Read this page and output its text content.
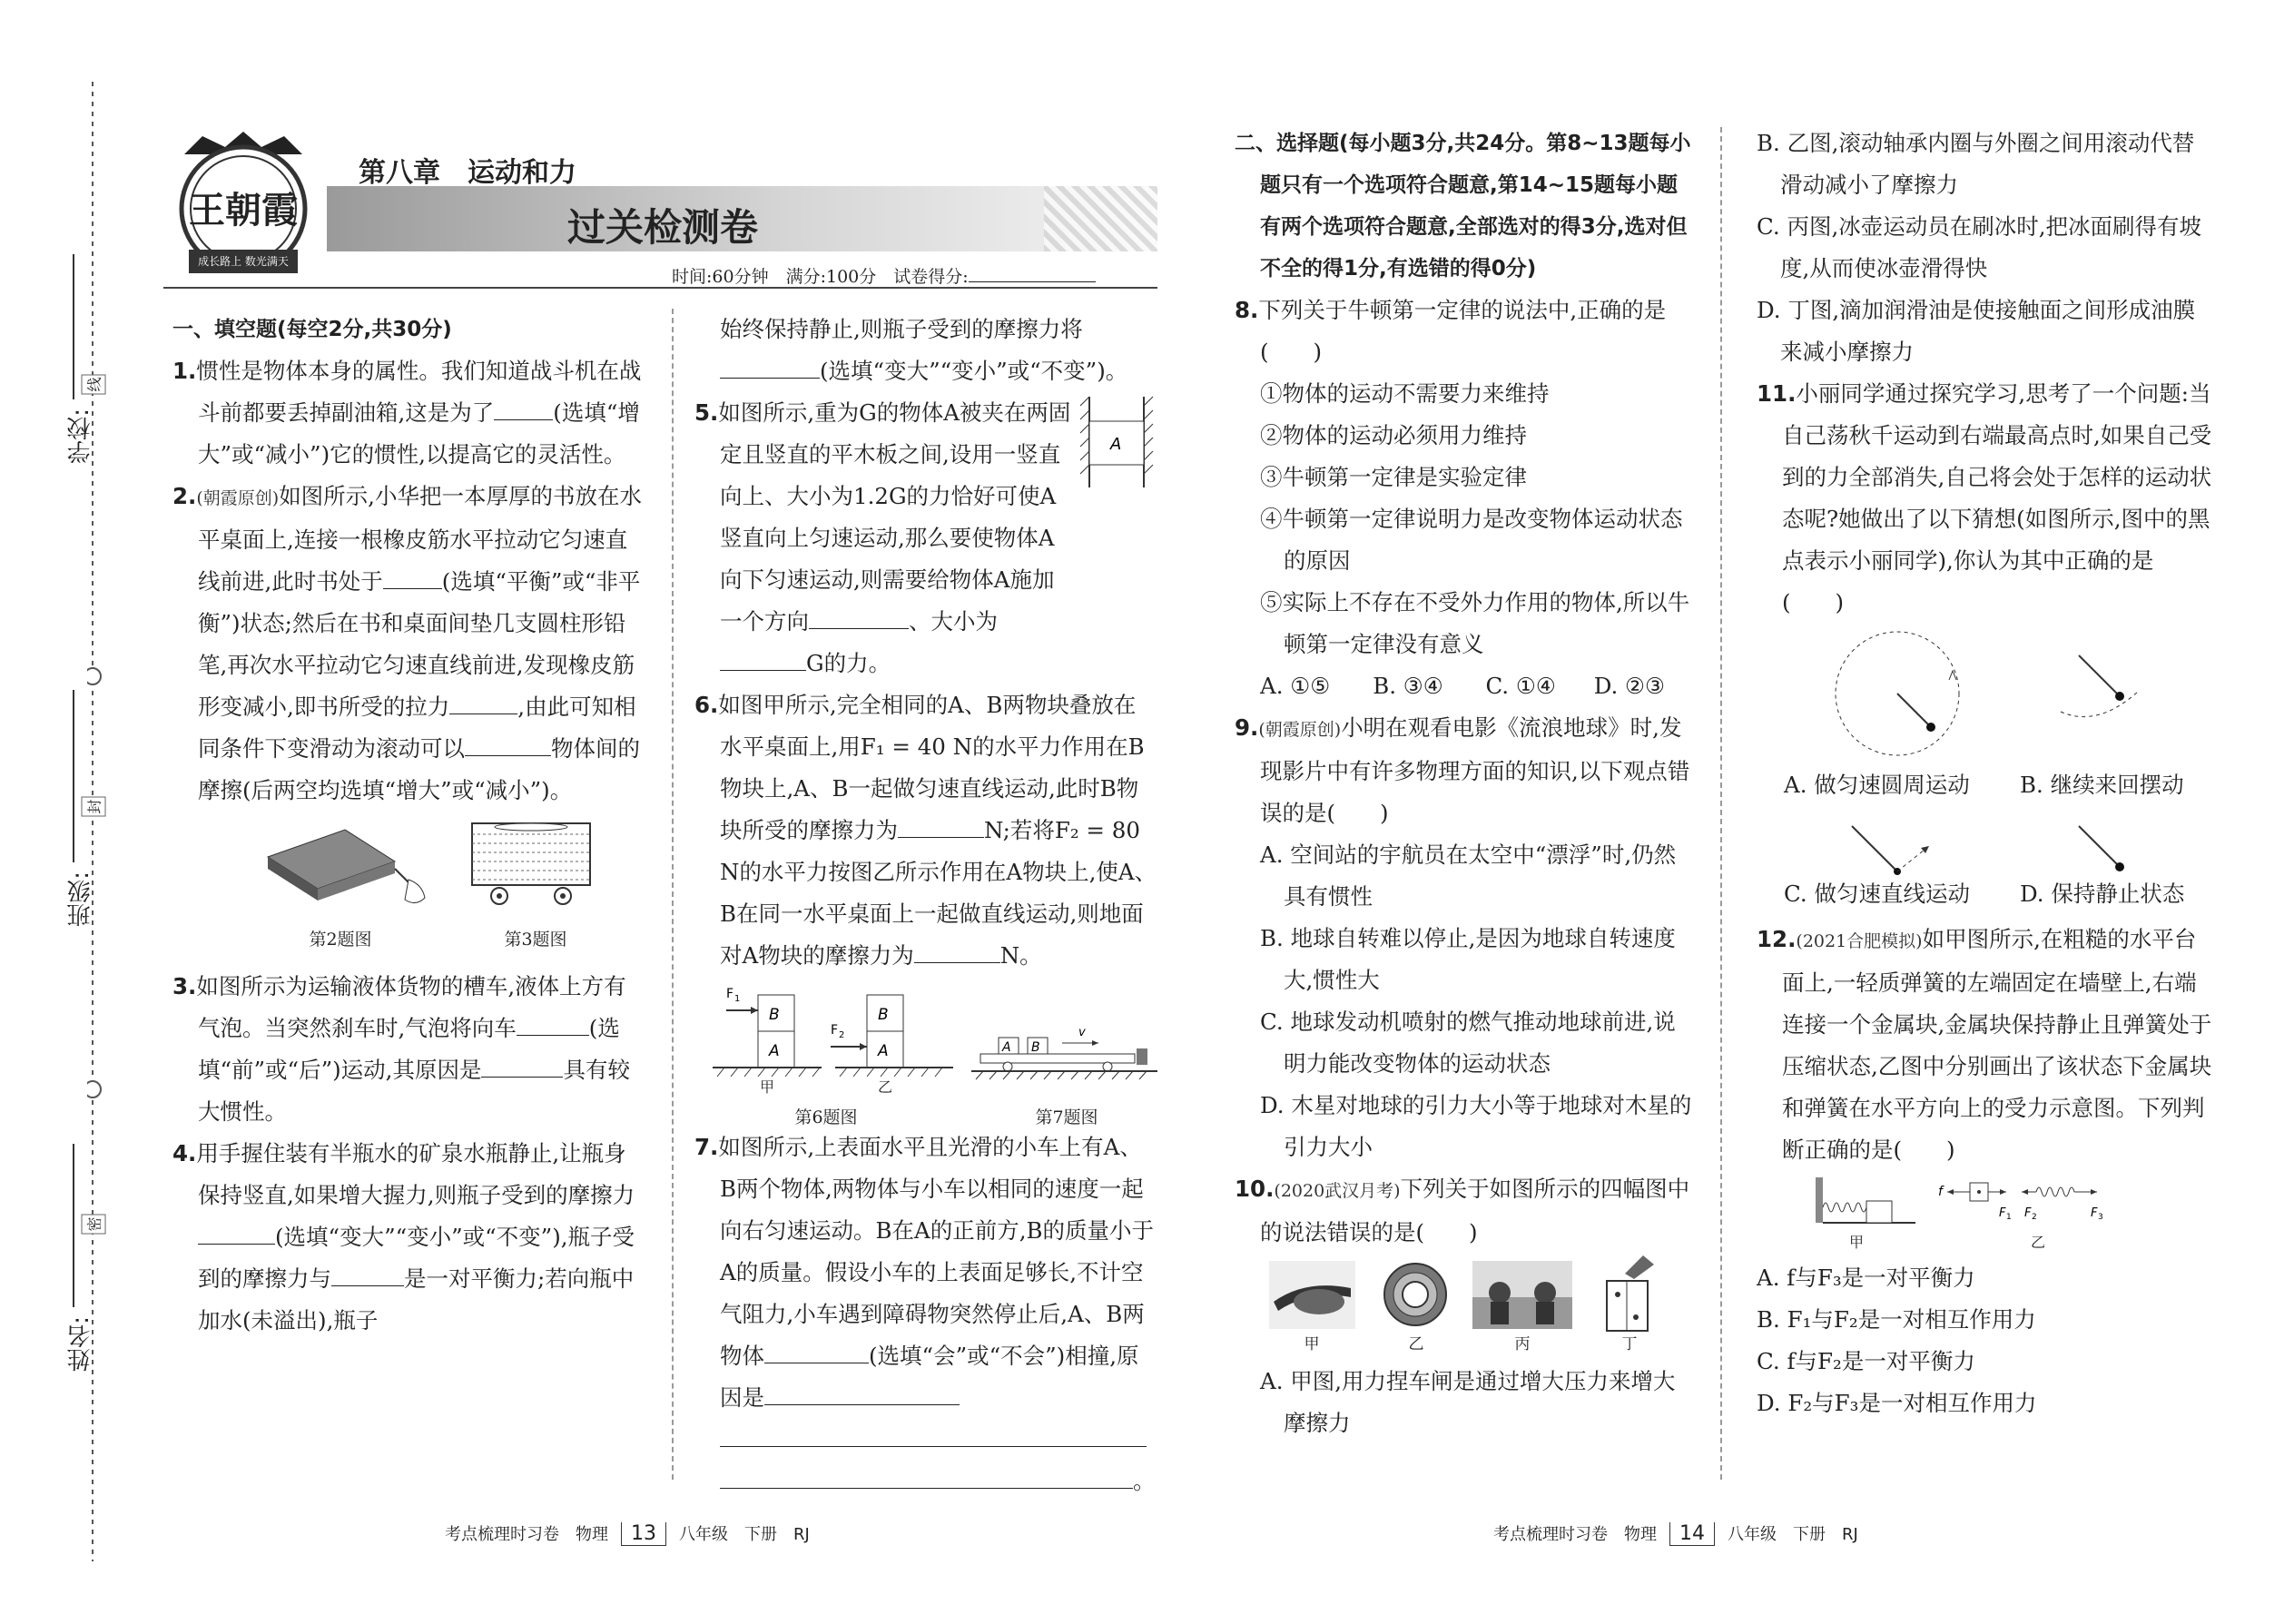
线
封
密
学校:
班级:
姓名:
王朝霞
成长路上 数光满天
第八章　运动和力
过关检测卷
时间:60分钟　满分:100分　试卷得分:

一、填空题(每空2分,共30分)

1.惯性是物体本身的属性。我们知道战斗机在战斗前都要丢掉副油箱,这是为了	(选填“增大”或“减小”)它的惯性,以提高它的灵活性。

2.(朝霞原创)如图所示,小华把一本厚厚的书放在水平桌面上,连接一根橡皮筋水平拉动它匀速直线前进,此时书处于	(选填“平衡”或“非平衡”)状态;然后在书和桌面间垫几支圆柱形铅笔,再次水平拉动它匀速直线前进,发现橡皮筋形变减小,即书所受的拉力	,由此可知相同条件下变滑动为滚动可以	物体间的摩擦(后两空均选填“增大”或“减小”)。

第2题图	第3题图

3.如图所示为运输液体货物的槽车,液体上方有气泡。当突然刹车时,气泡将向车	(选填“前”或“后”)运动,其原因是	具有较大惯性。

4.用手握住装有半瓶水的矿泉水瓶静止,让瓶身保持竖直,如果增大握力,则瓶子受到的摩擦力(选填“变大”“变小”或“不变”),瓶子受到的摩擦力与	是一对平衡力;若向瓶中加水(未溢出),瓶子

始终保持静止,则瓶子受到的摩擦力将(选填“变大”“变小”或“不变”)。

A

5.如图所示,重为G的物体A被夹在两固定且竖直的平木板之间,设用一竖直向上、大小为1.2G的力恰好可使A竖直向上匀速运动,那么要使物体A向下匀速运动,则需要给物体A施加一个方向	、大小为G的力。

6.如图甲所示,完全相同的A、B两物块叠放在水平桌面上,用F₁ = 40 N的水平力作用在B物块上,A、B一起做匀速直线运动,此时B物块所受的摩擦力为	N;若将F₂ = 80 N的水平力按图乙所示作用在A物块上,使A、B在同一水平桌面上一起做直线运动,则地面对A物块的摩擦力为	N。

F 1
B
A
F 2
B
A
甲	乙
A B
v
第6题图	第7题图

7.如图所示,上表面水平且光滑的小车上有A、B两个物体,两物体与小车以相同的速度一起向右匀速运动。B在A的正前方,B的质量小于A的质量。假设小车的上表面足够长,不计空气阻力,小车遇到障碍物突然停止后,A、B两物体	(选填“会”或“不会”)相撞,原因是

。

二、选择题(每小题3分,共24分。第8~13题每小题只有一个选项符合题意,第14~15题每小题有两个选项符合题意,全部选对的得3分,选对但不全的得1分,有选错的得0分)

8.下列关于牛顿第一定律的说法中,正确的是(　　)

①物体的运动不需要力来维持

②物体的运动必须用力维持

③牛顿第一定律是实验定律

④牛顿第一定律说明力是改变物体运动状态的原因

⑤实际上不存在不受外力作用的物体,所以牛顿第一定律没有意义

A. ①⑤	B. ③④	C. ①④	D. ②③

9.(朝霞原创)小明在观看电影《流浪地球》时,发现影片中有许多物理方面的知识,以下观点错误的是(　　)

A. 空间站的宇航员在太空中“漂浮”时,仍然具有惯性

B. 地球自转难以停止,是因为地球自转速度大,惯性大

C. 地球发动机喷射的燃气推动地球前进,说明力能改变物体的运动状态

D. 木星对地球的引力大小等于地球对木星的引力大小

10.(2020武汉月考)下列关于如图所示的四幅图中的说法错误的是(　　)

甲	乙	丙	丁

A. 甲图,用力捏车闸是通过增大压力来增大摩擦力

B. 乙图,滚动轴承内圈与外圈之间用滚动代替滑动减小了摩擦力

C. 丙图,冰壶运动员在刷冰时,把冰面刷得有坡度,从而使冰壶滑得快

D. 丁图,滴加润滑油是使接触面之间形成油膜来减小摩擦力

11.小丽同学通过探究学习,思考了一个问题:当自己荡秋千运动到右端最高点时,如果自己受到的力全部消失,自己将会处于怎样的运动状态呢?她做出了以下猜想(如图所示,图中的黑点表示小丽同学),你认为其中正确的是(　　)

A. 做匀速圆周运动 B. 继续来回摆动
C. 做匀速直线运动 D. 保持静止状态

12.(2021合肥模拟)如甲图所示,在粗糙的水平台面上,一轻质弹簧的左端固定在墙壁上,右端连接一个金属块,金属块保持静止且弹簧处于压缩状态,乙图中分别画出了该状态下金属块和弹簧在水平方向上的受力示意图。下列判断正确的是(　　)

f
F 1 F 2	F 3
甲	乙

A. f与F₃是一对平衡力

B. F₁与F₂是一对相互作用力

C. f与F₂是一对平衡力

D. F₂与F₃是一对相互作用力

考点梳理时习卷　物理 13 八年级　下册　RJ	考点梳理时习卷　物理 14 八年级　下册　RJ
